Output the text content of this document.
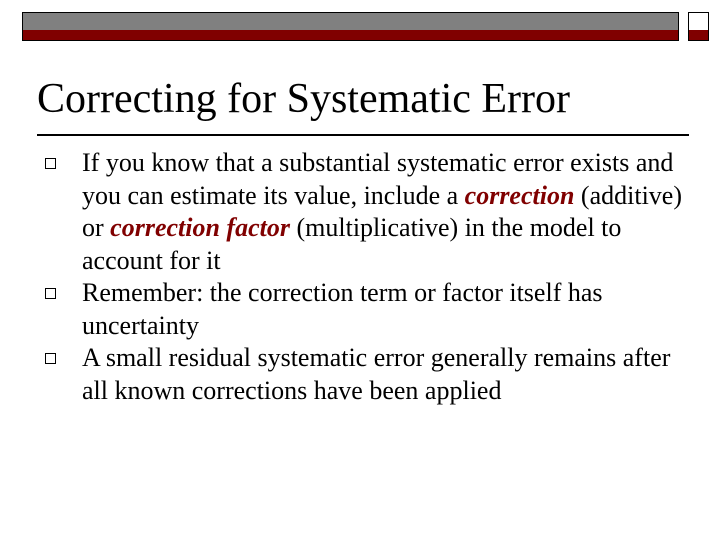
Correcting for Systematic Error
If you know that a substantial systematic error exists and you can estimate its value, include a correction (additive) or correction factor (multiplicative) in the model to account for it
Remember: the correction term or factor itself has uncertainty
A small residual systematic error generally remains after all known corrections have been applied
